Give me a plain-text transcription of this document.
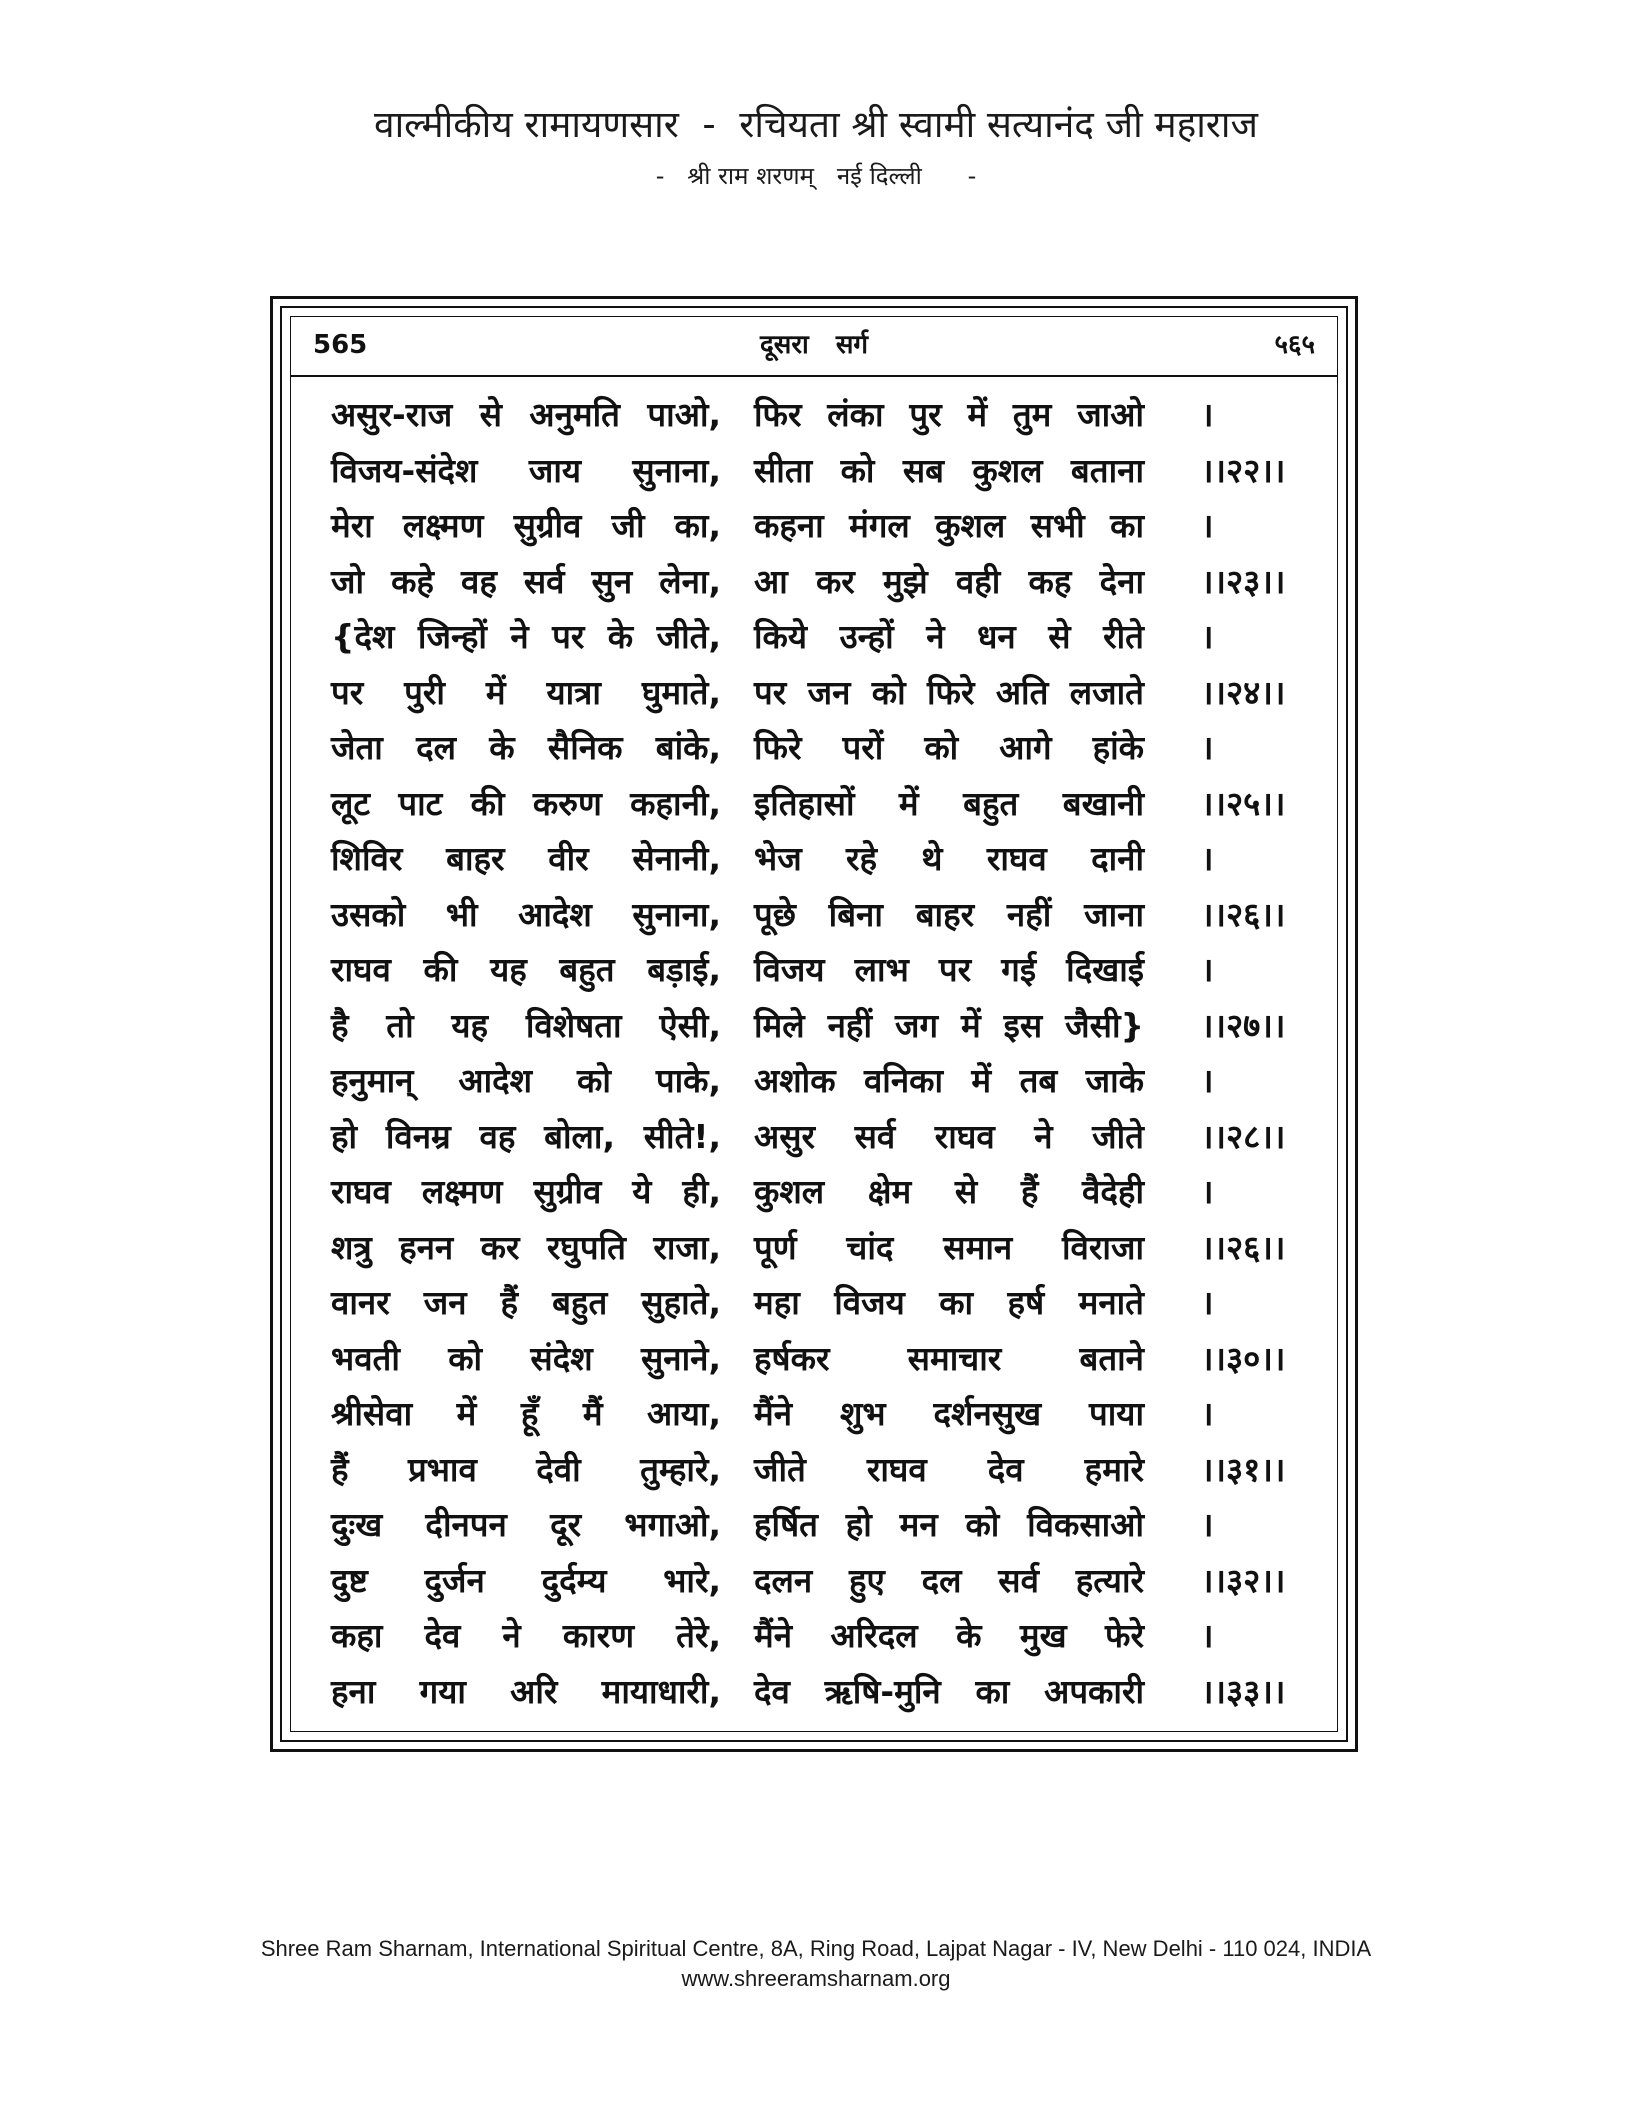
वाल्मीकीय रामायणसार  -  रचियता श्री स्वामी सत्यानंद जी महाराज
-   श्री राम शरणम्   नई दिल्ली      -
565	दूसरा   सर्ग	५६५
असुर-राज से अनुमति पाओ, फिर लंका पुर में तुम जाओ ।
विजय-संदेश जाय सुनाना, सीता को सब कुशल बताना ।।२२।।
मेरा लक्ष्मण सुग्रीव जी का, कहना मंगल कुशल सभी का ।
जो कहे वह सर्व सुन लेना, आ कर मुझे वही कह देना ।।२३।।
{देश जिन्हों ने पर के जीते, किये उन्हों ने धन से रीते ।
पर पुरी में यात्रा घुमाते, पर जन को फिरे अति लजाते ।।२४।।
जेता दल के सैनिक बांके, फिरे परों को आगे हांके ।
लूट पाट की करुण कहानी, इतिहासों में बहुत बखानी ।।२५।।
शिविर बाहर वीर सेनानी, भेज रहे थे राघव दानी ।
उसको भी आदेश सुनाना, पूछे बिना बाहर नहीं जाना ।।२६।।
राघव की यह बहुत बड़ाई, विजय लाभ पर गई दिखाई ।
है तो यह विशेषता ऐसी, मिले नहीं जग में इस जैसी} ।।२७।।
हनुमान् आदेश को पाके, अशोक वनिका में तब जाके ।
हो विनम्र वह बोला, सीते!, असुर सर्व राघव ने जीते ।।२८।।
राघव लक्ष्मण सुग्रीव ये ही, कुशल क्षेम से हैं वैदेही ।
शत्रु हनन कर रघुपति राजा, पूर्ण चांद समान विराजा ।।२६।।
वानर जन हैं बहुत सुहाते, महा विजय का हर्ष मनाते ।
भवती को संदेश सुनाने, हर्षकर समाचार बताने ।।३०।।
श्रीसेवा में हूँ मैं आया, मैंने शुभ दर्शनसुख पाया ।
हैं प्रभाव देवी तुम्हारे, जीते राघव देव हमारे ।।३१।।
दुःख दीनपन दूर भगाओ, हर्षित हो मन को विकसाओ ।
दुष्ट दुर्जन दुर्दम्य भारे, दलन हुए दल सर्व हत्यारे ।।३२।।
कहा देव ने कारण तेरे, मैंने अरिदल के मुख फेरे ।
हना गया अरि मायाधारी, देव ऋषि-मुनि का अपकारी ।।३३।।
Shree Ram Sharnam, International Spiritual Centre, 8A, Ring Road, Lajpat Nagar - IV, New Delhi - 110 024, INDIA
www.shreeramsharnam.org
